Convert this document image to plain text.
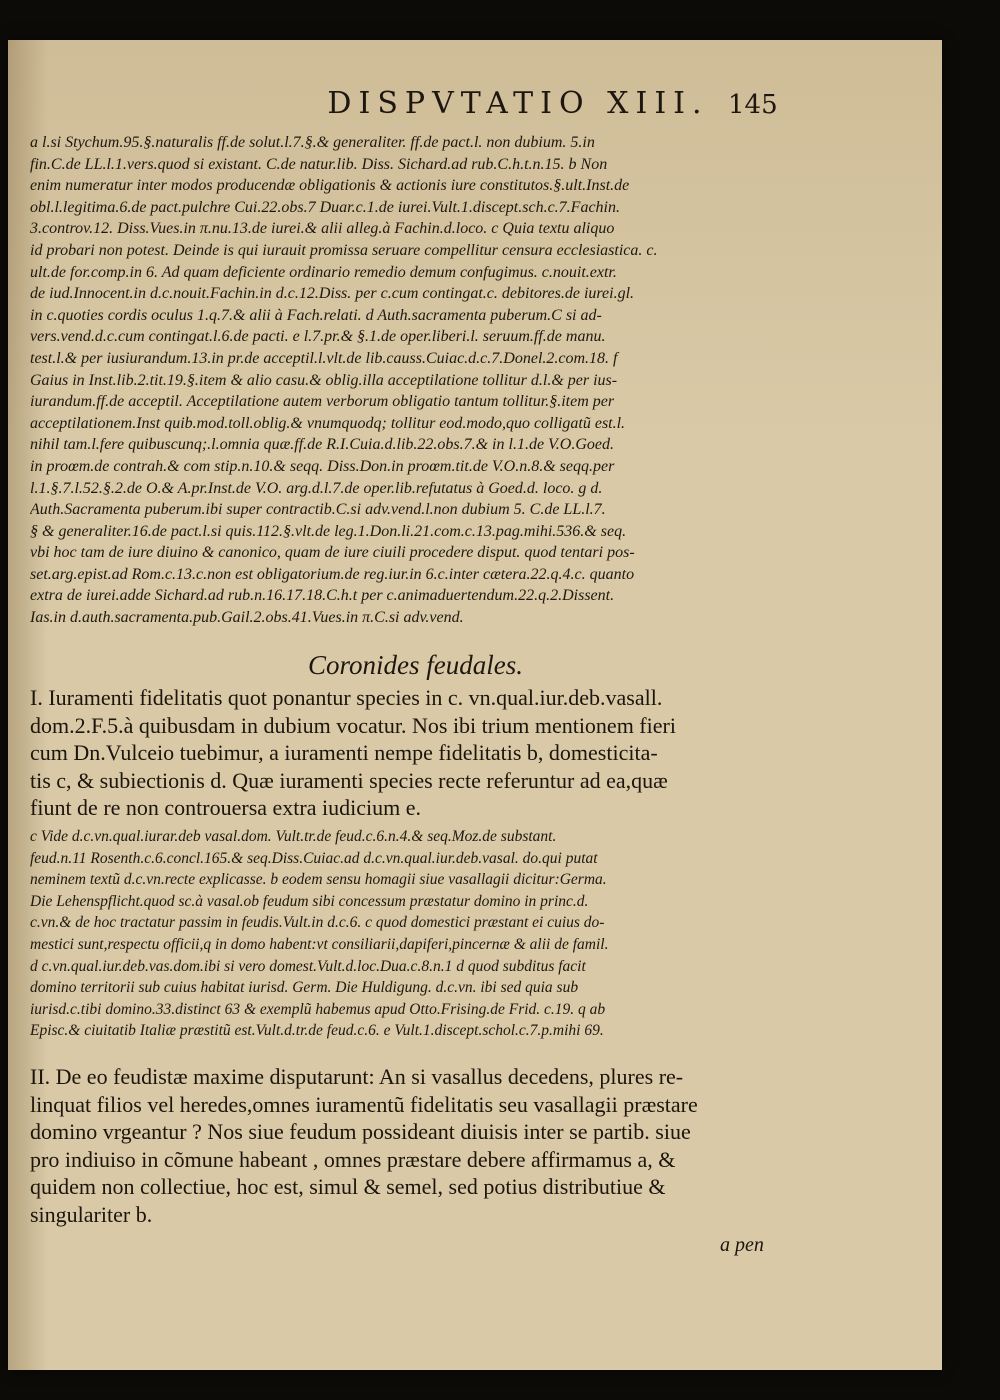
DISPVTATIO XIII. 145
a l.si Stychum.95.§.naturalis ff.de solut.l.7.§.& generaliter. ff.de pact.l. non dubium. 5.in
fin.C.de LL.l.1.vers.quod si existant. C.de natur.lib. Diss. Sichard.ad rub.C.h.t.n.15. b Non
enim numeratur inter modos producendæ obligationis & actionis iure constitutos.§.ult.Inst.de
obl.l.legitima.6.de pact.pulchre Cui.22.obs.7 Duar.c.1.de iurei.Vult.1.discept.sch.c.7.Fachin.
3.controv.12. Diss.Vues.in π.nu.13.de iurei.& alii alleg.à Fachin.d.loco. c Quia textu aliquo
id probari non potest. Deinde is qui iurauit promissa seruare compellitur censura ecclesiastica. c.
ult.de for.comp.in 6. Ad quam deficiente ordinario remedio demum confugimus. c.nouit.extr.
de iud.Innocent.in d.c.nouit.Fachin.in d.c.12.Diss. per c.cum contingat.c. debitores.de iurei.gl.
in c.quoties cordis oculus 1.q.7.& alii à Fach.relati. d Auth.sacramenta puberum.C si ad-
vers.vend.d.c.cum contingat.l.6.de pacti. e l.7.pr.& §.1.de oper.liberi.l. seruum.ff.de manu.
test.l.& per iusiurandum.13.in pr.de acceptil.l.vlt.de lib.causs.Cuiac.d.c.7.Donel.2.com.18. f
Gaius in Inst.lib.2.tit.19.§.item & alio casu.& oblig.illa acceptilatione tollitur d.l.& per ius-
iurandum.ff.de acceptil. Acceptilatione autem verborum obligatio tantum tollitur.§.item per
acceptilationem.Inst quib.mod.toll.oblig.& vnumquodq; tollitur eod.modo,quo colligatũ est.l.
nihil tam.l.fere quibuscunq;.l.omnia quæ.ff.de R.I.Cuia.d.lib.22.obs.7.& in l.1.de V.O.Goed.
in proœm.de contrah.& com stip.n.10.& seqq. Diss.Don.in proœm.tit.de V.O.n.8.& seqq.per
l.1.§.7.l.52.§.2.de O.& A.pr.Inst.de V.O. arg.d.l.7.de oper.lib.refutatus à Goed.d. loco. g d.
Auth.Sacramenta puberum.ibi super contractib.C.si adv.vend.l.non dubium 5. C.de LL.l.7.
§ & generaliter.16.de pact.l.si quis.112.§.vlt.de leg.1.Don.li.21.com.c.13.pag.mihi.536.& seq.
vbi hoc tam de iure diuino & canonico, quam de iure ciuili procedere disput. quod tentari pos-
set.arg.epist.ad Rom.c.13.c.non est obligatorium.de reg.iur.in 6.c.inter cætera.22.q.4.c. quanto
extra de iurei.adde Sichard.ad rub.n.16.17.18.C.h.t per c.animaduertendum.22.q.2.Dissent.
Ias.in d.auth.sacramenta.pub.Gail.2.obs.41.Vues.in π.C.si adv.vend.
Coronides feudales.
I. Iuramenti fidelitatis quot ponantur species in c. vn.qual.iur.deb.vasall.
dom.2.F.5.à quibusdam in dubium vocatur. Nos ibi trium mentionem fieri
cum Dn.Vulceio tuebimur, a iuramenti nempe fidelitatis b, domesticita-
tis c, & subiectionis d. Quæ iuramenti species recte referuntur ad ea,quæ
fiunt de re non controuersa extra iudicium e.
c Vide d.c.vn.qual.iurar.deb vasal.dom. Vult.tr.de feud.c.6.n.4.& seq.Moz.de substant.
feud.n.11 Rosenth.c.6.concl.165.& seq.Diss.Cuiac.ad d.c.vn.qual.iur.deb.vasal. do.qui putat
neminem textũ d.c.vn.recte explicasse. b eodem sensu homagii siue vasallagii dicitur:Germa.
Die Lehenspflicht.quod sc.à vasal.ob feudum sibi concessum præstatur domino in princ.d.
c.vn.& de hoc tractatur passim in feudis.Vult.in d.c.6. c quod domestici præstant ei cuius do-
mestici sunt,respectu officii,q in domo habent:vt consiliarii,dapiferi,pincernæ & alii de famil.
d c.vn.qual.iur.deb.vas.dom.ibi si vero domest.Vult.d.loc.Dua.c.8.n.1 d quod subditus facit
domino territorii sub cuius habitat iurisd. Germ. Die Huldigung. d.c.vn. ibi sed quia sub
iurisd.c.tibi domino.33.distinct 63 & exemplũ habemus apud Otto.Frising.de Frid. c.19. q ab
Episc.& ciuitatib Italiæ præstitũ est.Vult.d.tr.de feud.c.6. e Vult.1.discept.schol.c.7.p.mihi 69.
II. De eo feudistæ maxime disputarunt: An si vasallus decedens, plures re-
linquat filios vel heredes,omnes iuramentũ fidelitatis seu vasallagii præstare
domino vrgeantur ? Nos siue feudum possideant diuisis inter se partib. siue
pro indiuiso in cõmune habeant , omnes præstare debere affirmamus a, &
quidem non collectiue, hoc est, simul & semel, sed potius distributiue &
singulariter b.
a pen
